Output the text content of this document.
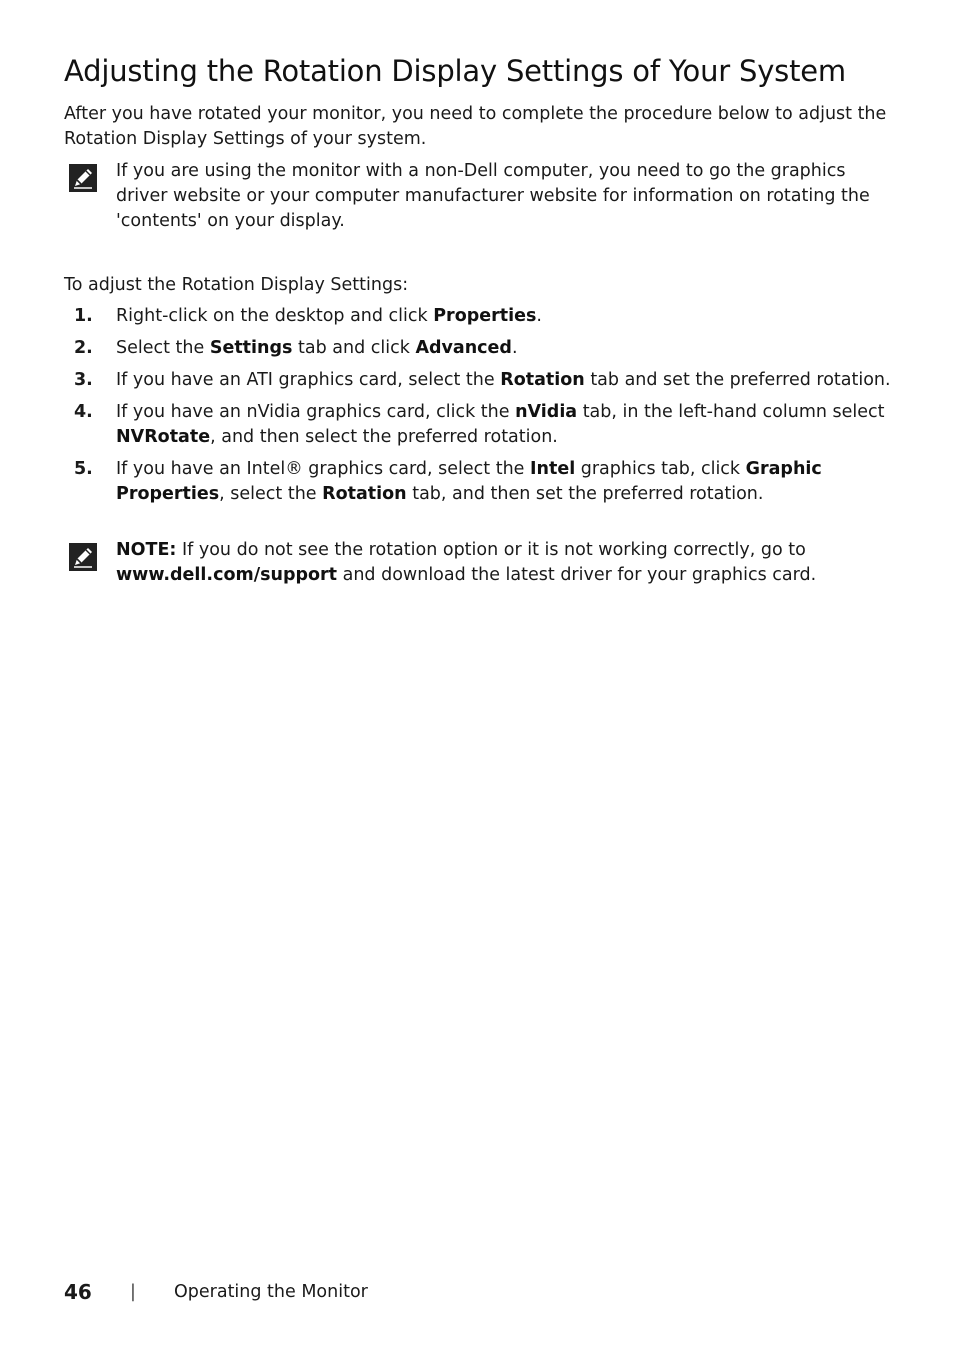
Adjusting the Rotation Display Settings of Your System

After you have rotated your monitor, you need to complete the procedure below to adjust the Rotation Display Settings of your system.

If you are using the monitor with a non-Dell computer, you need to go the graphics driver website or your computer manufacturer website for information on rotating the 'contents' on your display.

To adjust the Rotation Display Settings:

1.	Right-click on the desktop and click Properties.
2.	Select the Settings tab and click Advanced.
3.	If you have an ATI graphics card, select the Rotation tab and set the preferred rotation.
4.	If you have an nVidia graphics card, click the nVidia tab, in the left-hand column select NVRotate, and then select the preferred rotation.
5.	If you have an Intel® graphics card, select the Intel graphics tab, click Graphic Properties, select the Rotation tab, and then set the preferred rotation.
NOTE: If you do not see the rotation option or it is not working correctly, go to www.dell.com/support and download the latest driver for your graphics card.
46	|	Operating the Monitor
